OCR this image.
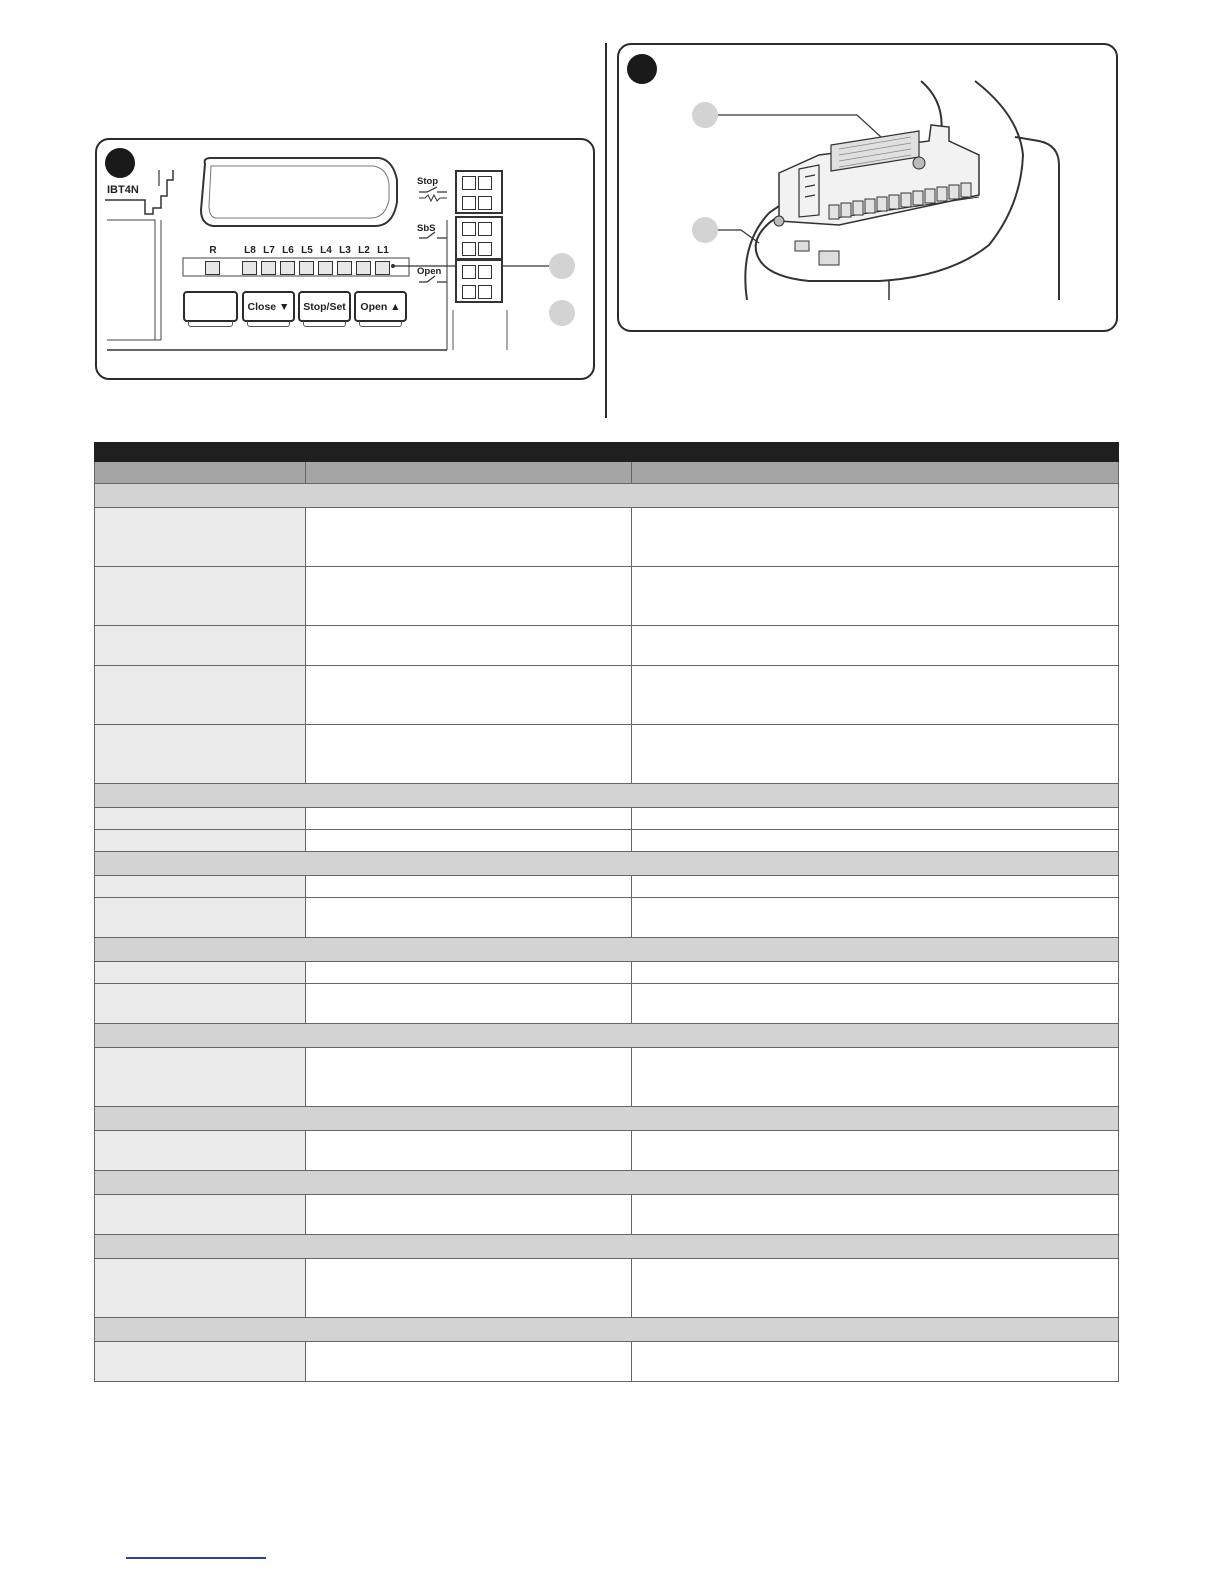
IBT4N
R	L8 L7 L6 L5 L4 L3 L2 L1
Close ▼	Stop/Set	Open ▲
Stop
SbS
Open
